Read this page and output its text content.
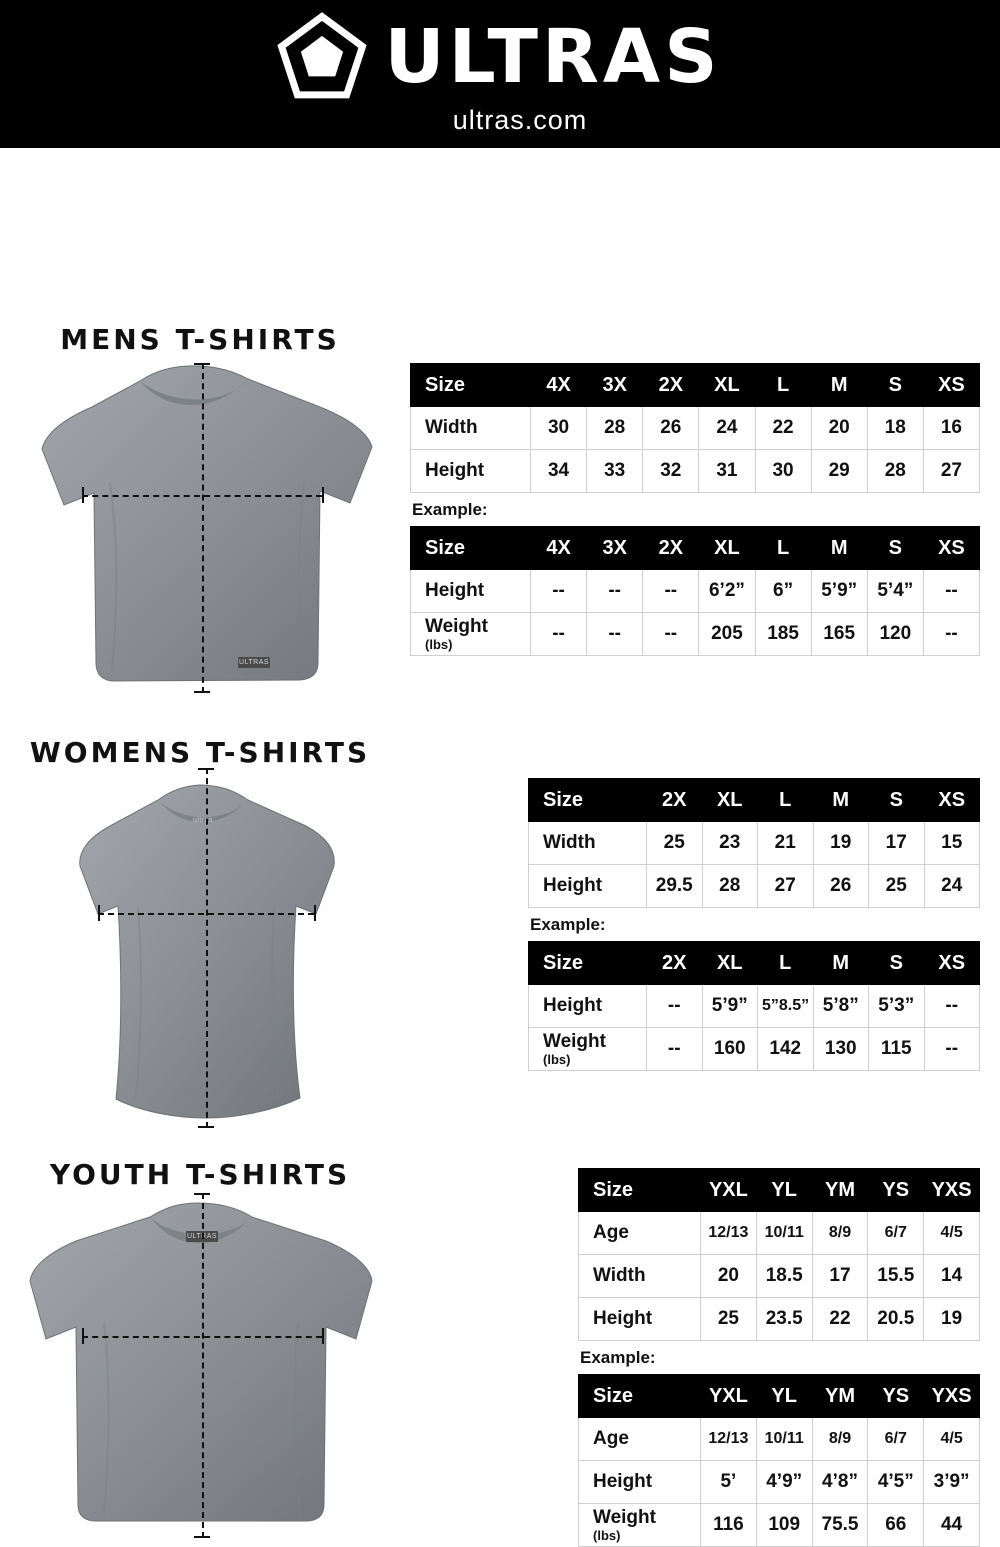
ULTRAS
ultras.com
MENS T-SHIRTS
ULTRAS
Size	4X	3X	2X	XL	L	M	S	XS
Width	30	28	26	24	22	20	18	16
Height	34	33	32	31	30	29	28	27
Example:
Size	4X	3X	2X	XL	L	M	S	XS
Height	--	--	--	6’2”	6”	5’9”	5’4”	--
Weight
(lbs)	--	--	--	205	185	165	120	--
WOMENS T-SHIRTS
ultras
Size	2X	XL	L	M	S	XS
Width	25	23	21	19	17	15
Height	29.5	28	27	26	25	24
Example:
Size	2X	XL	L	M	S	XS
Height	--	5’9”	5”8.5”	5’8”	5’3”	--
Weight
(lbs)	--	160	142	130	115	--
YOUTH T-SHIRTS
ULTRAS
Size	YXL	YL	YM	YS	YXS
Age	12/13	10/11	8/9	6/7	4/5
Width	20	18.5	17	15.5	14
Height	25	23.5	22	20.5	19
Example:
Size	YXL	YL	YM	YS	YXS
Age	12/13	10/11	8/9	6/7	4/5
Height	5’	4’9”	4’8”	4’5”	3’9”
Weight
(lbs)	116	109	75.5	66	44
